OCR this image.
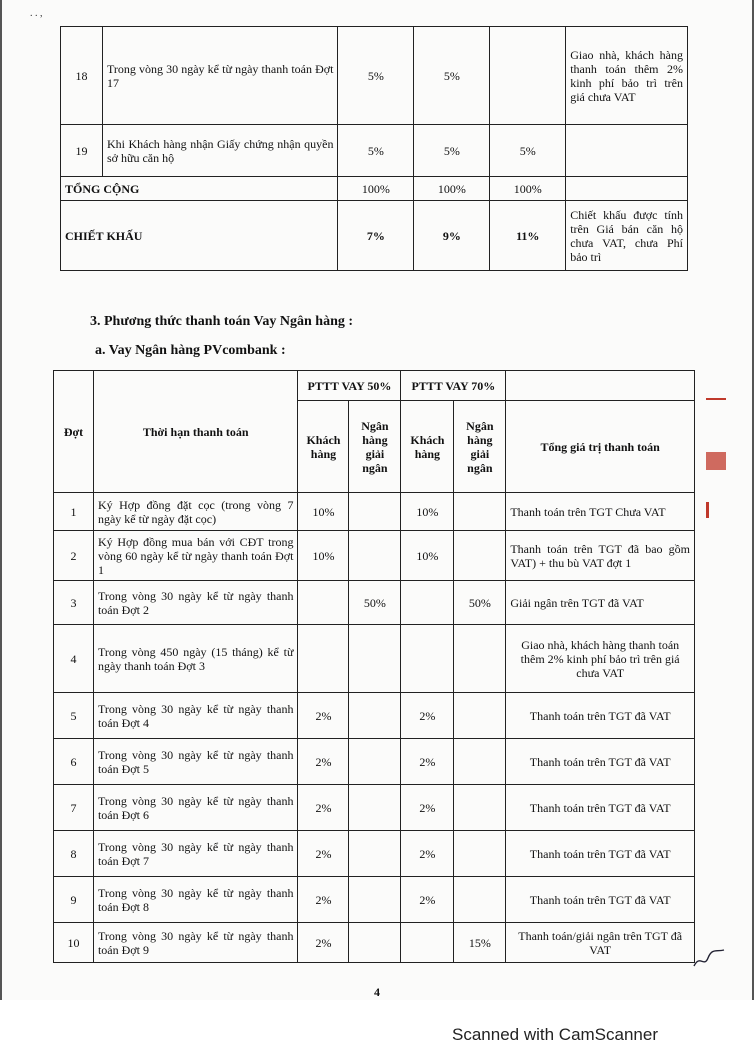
. . ,
18	Trong vòng 30 ngày kể từ ngày thanh toán Đợt 17	5%	5%		Giao nhà, khách hàng thanh toán thêm 2% kinh phí bảo trì trên giá chưa VAT
19	Khi Khách hàng nhận Giấy chứng nhận quyền sở hữu căn hộ	5%	5%	5%	
TỔNG CỘNG		100%	100%	100%	
CHIẾT KHẤU		7%	9%	11%	Chiết khấu được tính trên Giá bán căn hộ chưa VAT, chưa Phí bảo trì
3. Phương thức thanh toán Vay Ngân hàng :
a. Vay Ngân hàng PVcombank :
Đợt	Thời hạn thanh toán	PTTT VAY 50%		PTTT VAY 70%		
		Khách hàng	Ngân hàng giải ngân	Khách hàng	Ngân hàng giải ngân	Tổng giá trị thanh toán
1	Ký Hợp đồng đặt cọc (trong vòng 7 ngày kể từ ngày đặt cọc)	10%		10%		Thanh toán trên TGT Chưa VAT
2	Ký Hợp đồng mua bán với CĐT trong vòng 60 ngày kể từ ngày thanh toán Đợt 1	10%		10%		Thanh toán trên TGT đã bao gồm VAT) + thu bù VAT đợt 1
3	Trong vòng 30 ngày kể từ ngày thanh toán Đợt 2		50%		50%	Giải ngân trên TGT đã VAT
4	Trong vòng 450 ngày (15 tháng) kể từ ngày thanh toán Đợt 3					Giao nhà, khách hàng thanh toán thêm 2% kinh phí bảo trì trên giá chưa VAT
5	Trong vòng 30 ngày kể từ ngày thanh toán Đợt 4	2%		2%		Thanh toán trên TGT đã VAT
6	Trong vòng 30 ngày kể từ ngày thanh toán Đợt 5	2%		2%		Thanh toán trên TGT đã VAT
7	Trong vòng 30 ngày kể từ ngày thanh toán Đợt 6	2%		2%		Thanh toán trên TGT đã VAT
8	Trong vòng 30 ngày kể từ ngày thanh toán Đợt 7	2%		2%		Thanh toán trên TGT đã VAT
9	Trong vòng 30 ngày kể từ ngày thanh toán Đợt 8	2%		2%		Thanh toán trên TGT đã VAT
10	Trong vòng 30 ngày kể từ ngày thanh toán Đợt 9	2%			15%	Thanh toán/giải ngân trên TGT đã VAT
4
Scanned with CamScanner
